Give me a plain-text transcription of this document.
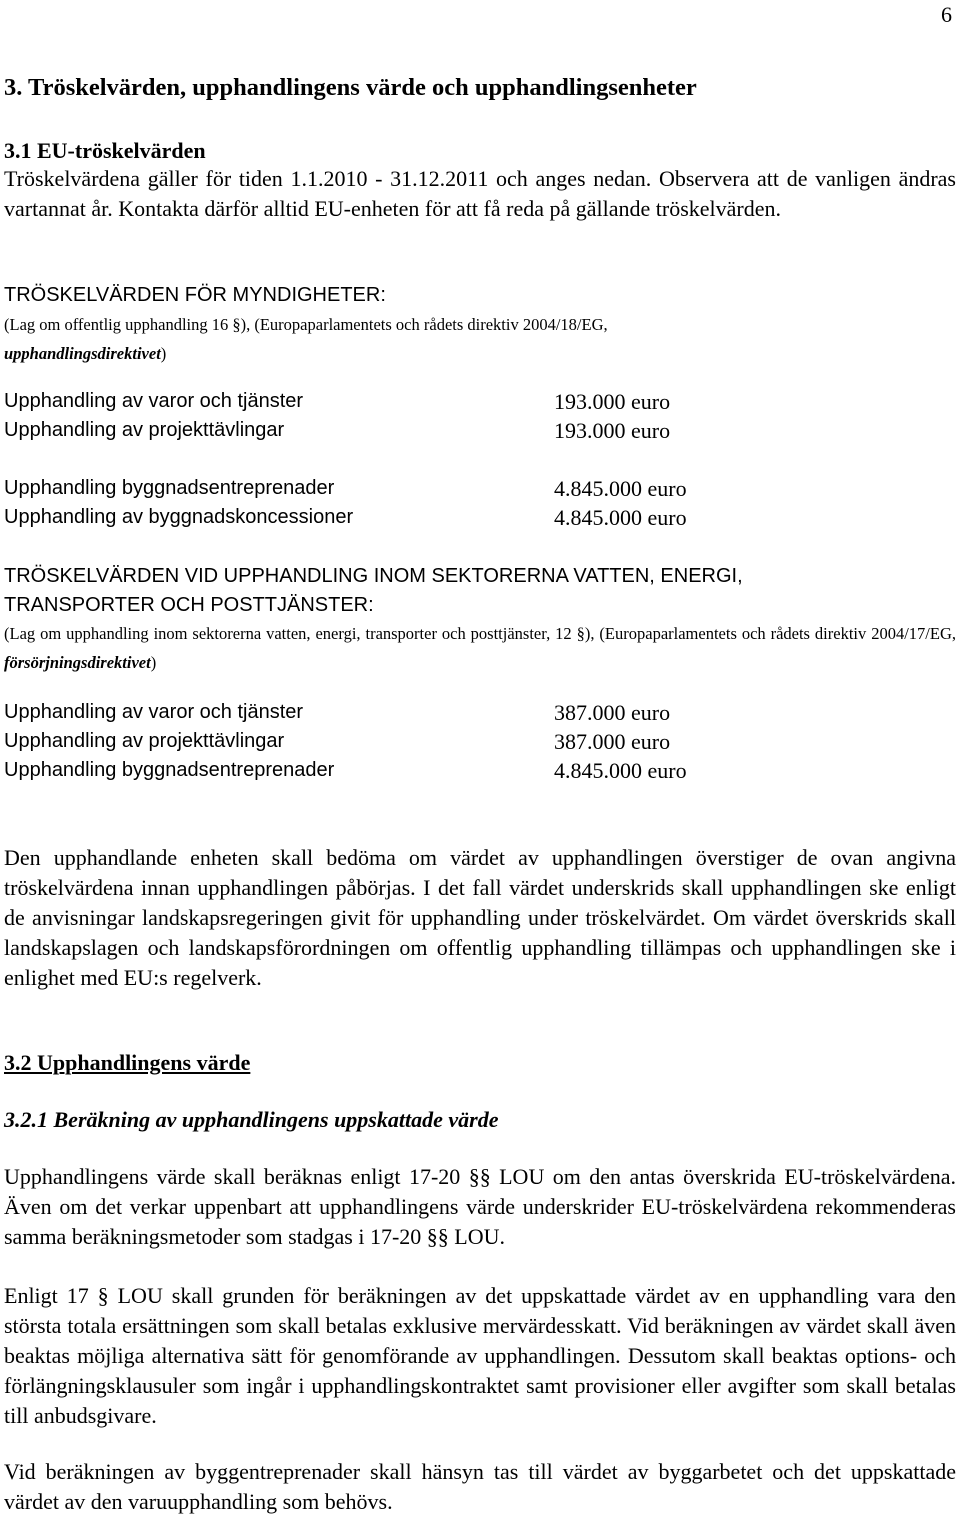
6
3. Tröskelvärden, upphandlingens värde och upphandlingsenheter
3.1 EU-tröskelvärden
Tröskelvärdena gäller för tiden 1.1.2010 - 31.12.2011 och anges nedan. Observera att de vanligen ändras vartannat år. Kontakta därför alltid EU-enheten för att få reda på gällande tröskelvärden.
TRÖSKELVÄRDEN FÖR MYNDIGHETER:
(Lag om offentlig upphandling 16 §), (Europaparlamentets och rådets direktiv 2004/18/EG,
upphandlingsdirektivet)
Upphandling av varor och tjänster	193.000 euro
Upphandling av projekttävlingar	193.000 euro
Upphandling byggnadsentreprenader	4.845.000 euro
Upphandling av byggnadskoncessioner	4.845.000 euro
TRÖSKELVÄRDEN VID UPPHANDLING INOM SEKTORERNA VATTEN, ENERGI,
TRANSPORTER OCH POSTTJÄNSTER:
(Lag om upphandling inom sektorerna vatten, energi, transporter och posttjänster, 12 §), (Europaparlamentets och rådets direktiv 2004/17/EG, försörjningsdirektivet)
Upphandling av varor och tjänster	387.000 euro
Upphandling av projekttävlingar	387.000 euro
Upphandling byggnadsentreprenader	4.845.000 euro
Den upphandlande enheten skall bedöma om värdet av upphandlingen överstiger de ovan angivna tröskelvärdena innan upphandlingen påbörjas. I det fall värdet underskrids skall upphandlingen ske enligt de anvisningar landskapsregeringen givit för upphandling under tröskelvärdet. Om värdet överskrids skall landskapslagen och landskapsförordningen om offentlig upphandling tillämpas och upphandlingen ske i enlighet med EU:s regelverk.
3.2 Upphandlingens värde
3.2.1 Beräkning av upphandlingens uppskattade värde
Upphandlingens värde skall beräknas enligt 17-20 §§ LOU om den antas överskrida EU-tröskelvärdena. Även om det verkar uppenbart att upphandlingens värde underskrider EU-tröskelvärdena rekommenderas samma beräkningsmetoder som stadgas i 17-20 §§ LOU.
Enligt 17 § LOU skall grunden för beräkningen av det uppskattade värdet av en upphandling vara den största totala ersättningen som skall betalas exklusive mervärdesskatt. Vid beräkningen av värdet skall även beaktas möjliga alternativa sätt för genomförande av upphandlingen. Dessutom skall beaktas options- och förlängningsklausuler som ingår i upphandlingskontraktet samt provisioner eller avgifter som skall betalas till anbudsgivare.
Vid beräkningen av byggentreprenader skall hänsyn tas till värdet av byggarbetet och det uppskattade värdet av den varuupphandling som behövs.
